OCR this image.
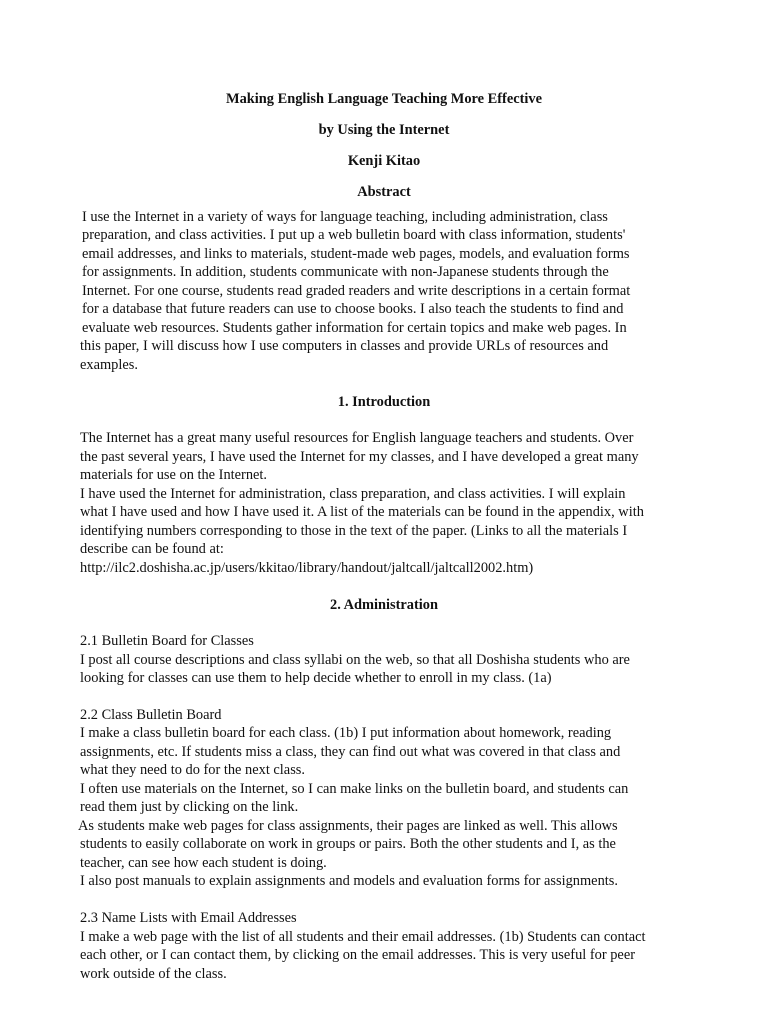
Making English Language Teaching More Effective
by Using the Internet
Kenji Kitao
Abstract
I use the Internet in a variety of ways for language teaching, including administration, class
preparation, and class activities. I put up a web bulletin board with class information, students'
email addresses, and links to materials, student-made web pages, models, and evaluation forms
for assignments. In addition, students communicate with non-Japanese students through the
Internet. For one course, students read graded readers and write descriptions in a certain format
for a database that future readers can use to choose books. I also teach the students to find and
evaluate web resources. Students gather information for certain topics and make web pages. In
this paper, I will discuss how I use computers in classes and provide URLs of resources and
examples.
1. Introduction
The Internet has a great many useful resources for English language teachers and students. Over
the past several years, I have used the Internet for my classes, and I have developed a great many
materials for use on the Internet.
I have used the Internet for administration, class preparation, and class activities. I will explain
what I have used and how I have used it. A list of the materials can be found in the appendix, with
identifying numbers corresponding to those in the text of the paper. (Links to all the materials I
describe can be found at:
http://ilc2.doshisha.ac.jp/users/kkitao/library/handout/jaltcall/jaltcall2002.htm)
2. Administration
2.1 Bulletin Board for Classes
I post all course descriptions and class syllabi on the web, so that all Doshisha students who are
looking for classes can use them to help decide whether to enroll in my class. (1a)
2.2 Class Bulletin Board
I make a class bulletin board for each class. (1b) I put information about homework, reading
assignments, etc. If students miss a class, they can find out what was covered in that class and
what they need to do for the next class.
I often use materials on the Internet, so I can make links on the bulletin board, and students can
read them just by clicking on the link.
As students make web pages for class assignments, their pages are linked as well. This allows
students to easily collaborate on work in groups or pairs. Both the other students and I, as the
teacher, can see how each student is doing.
I also post manuals to explain assignments and models and evaluation forms for assignments.
2.3 Name Lists with Email Addresses
I make a web page with the list of all students and their email addresses. (1b) Students can contact
each other, or I can contact them, by clicking on the email addresses. This is very useful for peer
work outside of the class.
